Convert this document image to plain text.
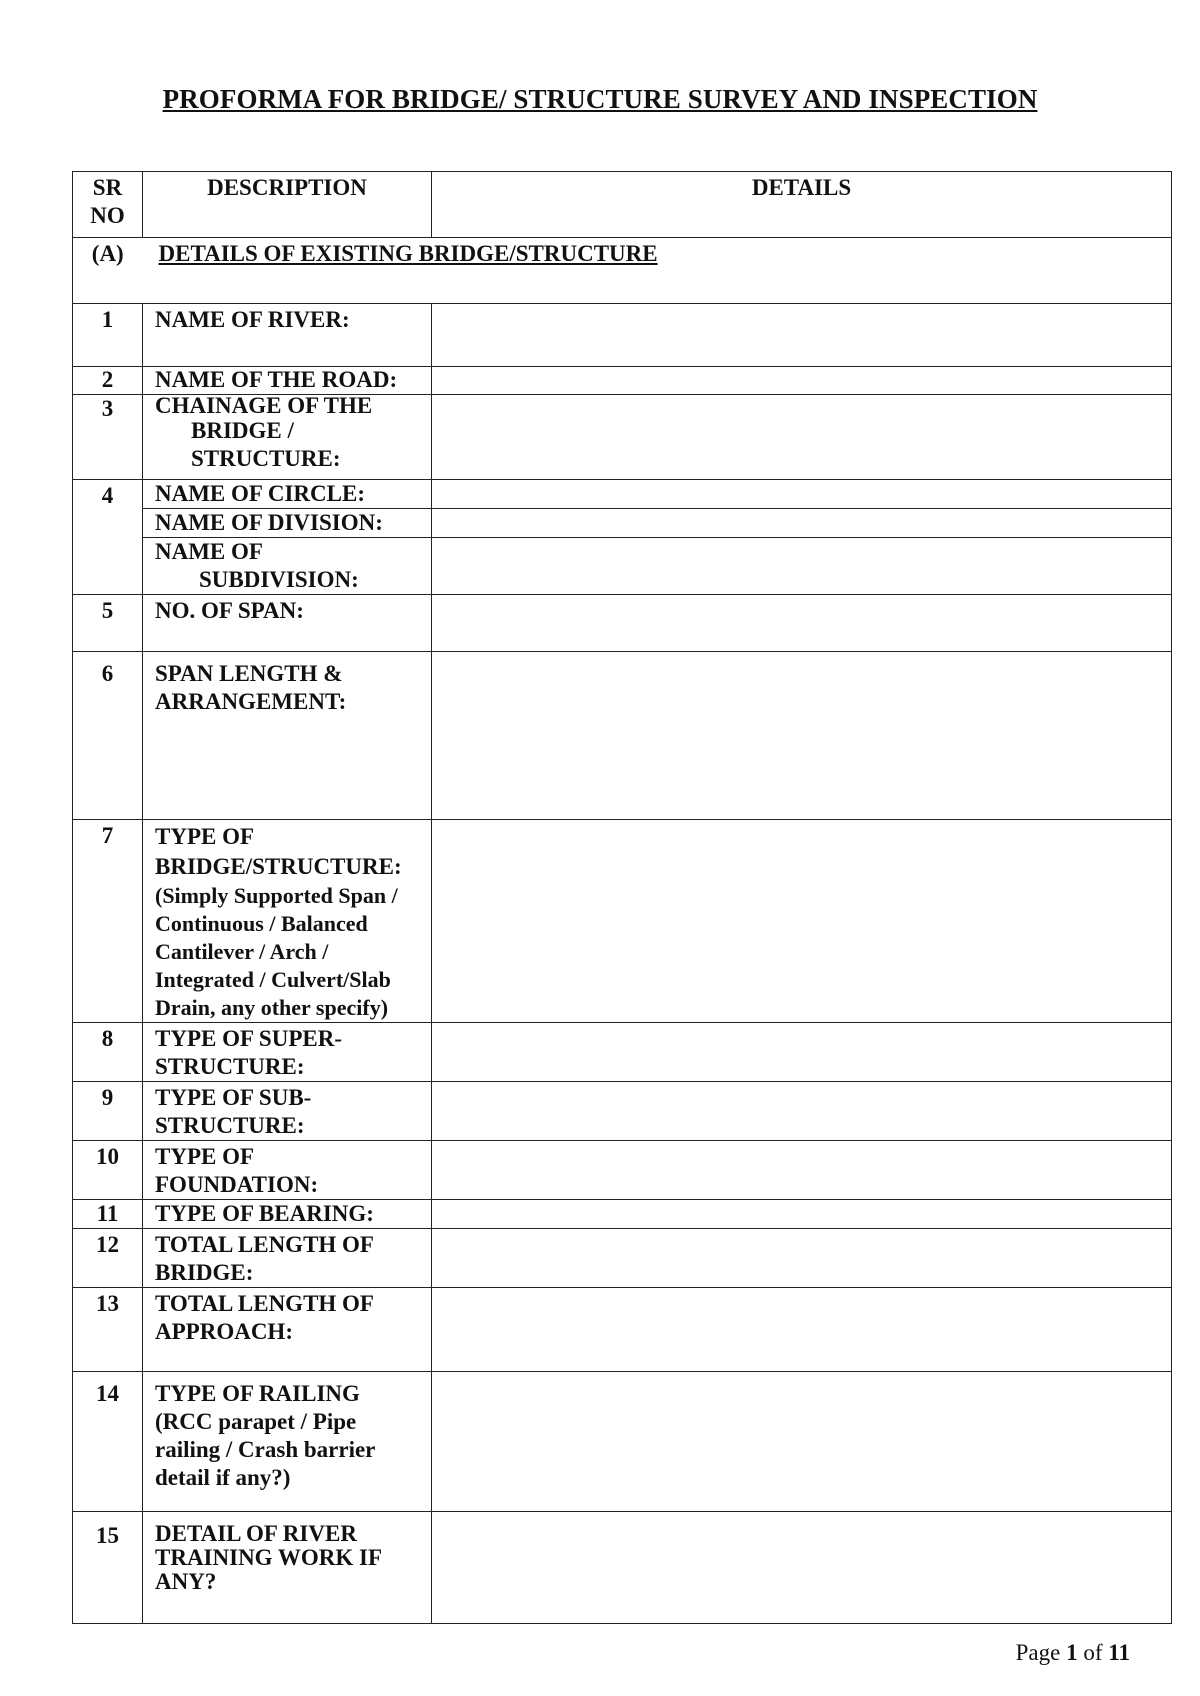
PROFORMA FOR BRIDGE/ STRUCTURE SURVEY AND INSPECTION
SR NO	DESCRIPTION	DETAILS
(A)	DETAILS OF EXISTING BRIDGE/STRUCTURE	
1	NAME OF RIVER:	
2	NAME OF THE ROAD:	
3	CHAINAGE OF THE
BRIDGE /
STRUCTURE:	

4	NAME OF CIRCLE:	
	NAME OF DIVISION:	

	NAME OF
SUBDIVISION:	

5	NO. OF SPAN:	
6	SPAN LENGTH & ARRANGEMENT:	
7	TYPE OF
BRIDGE/STRUCTURE:
(Simply Supported Span / Continuous / Balanced Cantilever / Arch / Integrated / Culvert/Slab Drain, any other specify)	

8	TYPE OF SUPER-STRUCTURE:	
9	TYPE OF SUB-STRUCTURE:	
10	TYPE OF FOUNDATION:	
11	TYPE OF BEARING:	
12	TOTAL LENGTH OF BRIDGE:	
13	TOTAL LENGTH OF APPROACH:	
14	TYPE OF RAILING (RCC parapet / Pipe railing / Crash barrier detail if any?)	
15	DETAIL OF RIVER TRAINING WORK IF ANY?	
Page 1 of 11
